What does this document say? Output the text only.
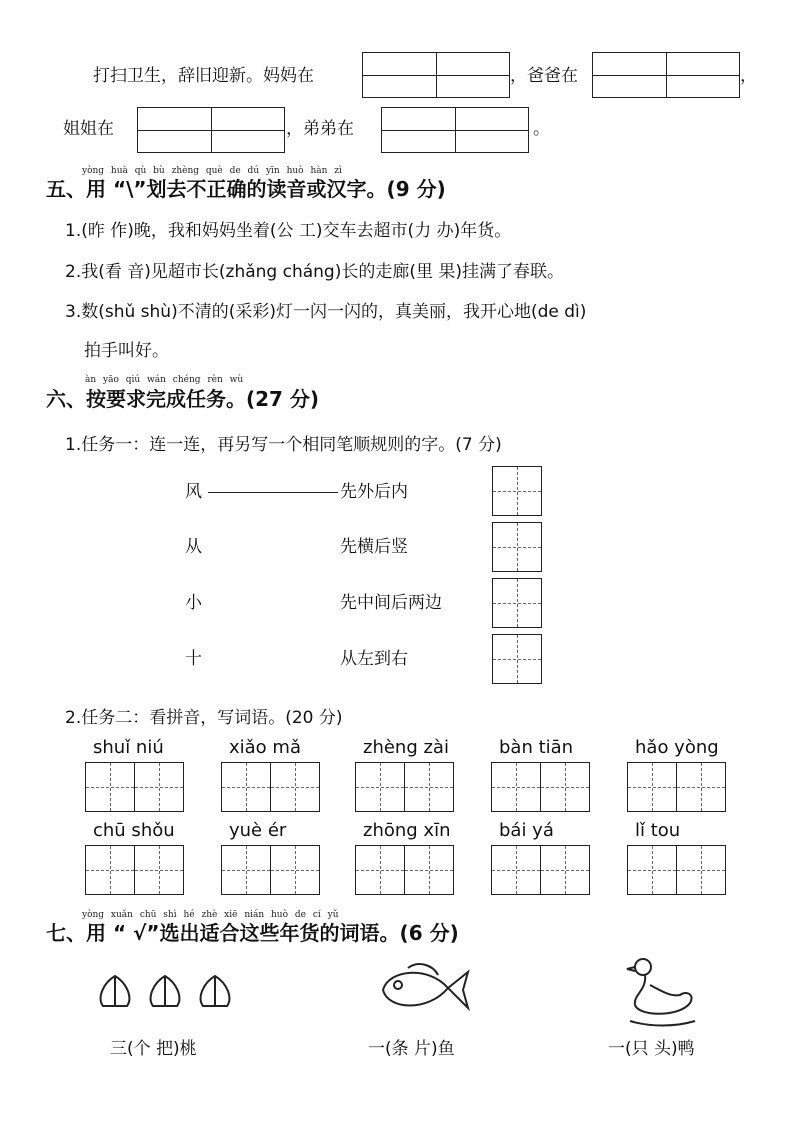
打扫卫生，辞旧迎新。妈妈在	，爸爸在	，
姐姐在	，弟弟在	。
yòng huà qù bù zhèng què de dú yīn huò hàn zì
五、用 “\”划去不正确的读音或汉字。(9 分)
1.(昨 作)晚，我和妈妈坐着(公 工)交车去超市(力 办)年货。
2.我(看 音)见超市长(zhǎng cháng)长的走廊(里 果)挂满了春联。
3.数(shǔ shù)不清的(采彩)灯一闪一闪的，真美丽，我开心地(de dì)
拍手叫好。
àn yāo qiú wán chéng rèn wù
六、按要求完成任务。(27 分)
1.任务一：连一连，再另写一个相同笔顺规则的字。(7 分)
风	先外后内
从	先横后竖
小	先中间后两边
十	从左到右
2.任务二：看拼音，写词语。(20 分)
shuǐ niú	xiǎo mǎ	zhèng zài	bàn tiān	hǎo yòng
chū shǒu	yuè ér	zhōng xīn	bái yá	lǐ tou
yòng xuǎn chū shì hé zhè xiē nián huò de cí yǔ
七、用 “ √”选出适合这些年货的词语。(6 分)
三(个 把)桃	一(条 片)鱼	一(只 头)鸭
